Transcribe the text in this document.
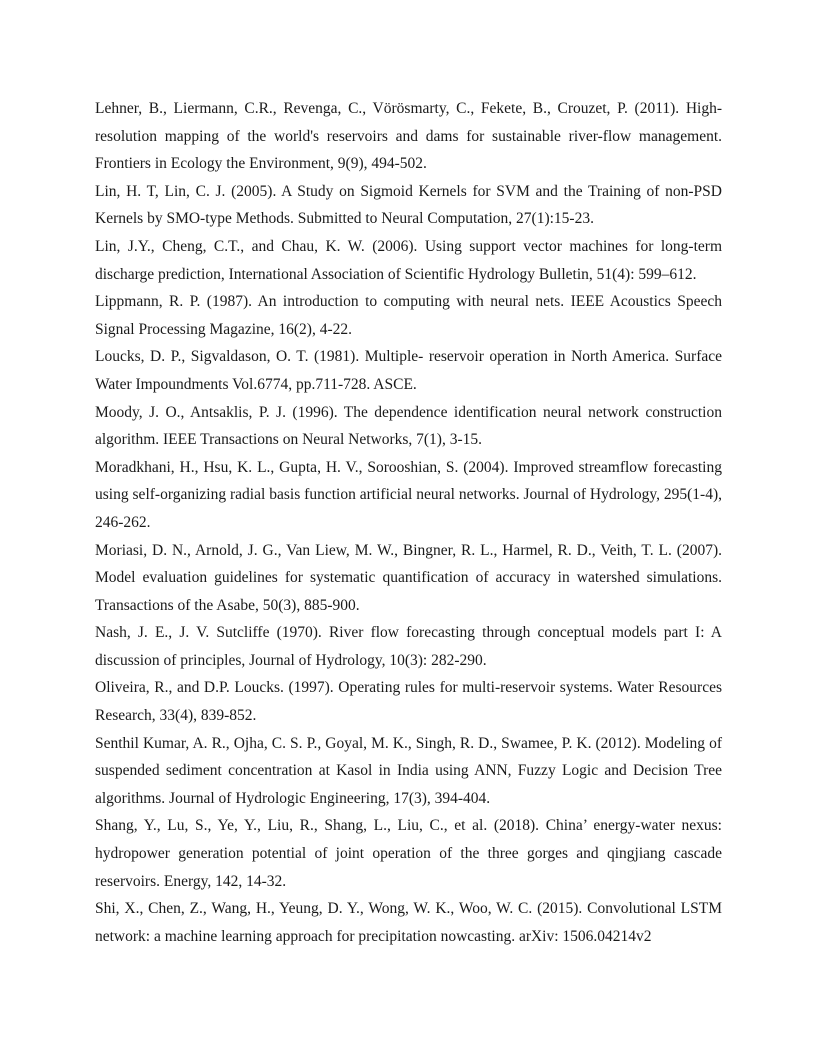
Lehner, B., Liermann, C.R., Revenga, C., Vörösmarty, C., Fekete, B., Crouzet, P. (2011). High-resolution mapping of the world's reservoirs and dams for sustainable river-flow management. Frontiers in Ecology the Environment, 9(9), 494-502.

Lin, H. T, Lin, C. J. (2005). A Study on Sigmoid Kernels for SVM and the Training of non-PSD Kernels by SMO-type Methods. Submitted to Neural Computation, 27(1):15-23.

Lin, J.Y., Cheng, C.T., and Chau, K. W. (2006). Using support vector machines for long-term discharge prediction, International Association of Scientific Hydrology Bulletin, 51(4): 599–612.

Lippmann, R. P. (1987). An introduction to computing with neural nets. IEEE Acoustics Speech Signal Processing Magazine, 16(2), 4-22.

Loucks, D. P., Sigvaldason, O. T. (1981). Multiple- reservoir operation in North America. Surface Water Impoundments Vol.6774, pp.711-728. ASCE.

Moody, J. O., Antsaklis, P. J. (1996). The dependence identification neural network construction algorithm. IEEE Transactions on Neural Networks, 7(1), 3-15.

Moradkhani, H., Hsu, K. L., Gupta, H. V., Sorooshian, S. (2004). Improved streamflow forecasting using self-organizing radial basis function artificial neural networks. Journal of Hydrology, 295(1-4), 246-262.

Moriasi, D. N., Arnold, J. G., Van Liew, M. W., Bingner, R. L., Harmel, R. D., Veith, T. L. (2007). Model evaluation guidelines for systematic quantification of accuracy in watershed simulations. Transactions of the Asabe, 50(3), 885-900.

Nash, J. E., J. V. Sutcliffe (1970). River flow forecasting through conceptual models part I: A discussion of principles, Journal of Hydrology, 10(3): 282-290.

Oliveira, R., and D.P. Loucks. (1997). Operating rules for multi-reservoir systems. Water Resources Research, 33(4), 839-852.

Senthil Kumar, A. R., Ojha, C. S. P., Goyal, M. K., Singh, R. D., Swamee, P. K. (2012). Modeling of suspended sediment concentration at Kasol in India using ANN, Fuzzy Logic and Decision Tree algorithms. Journal of Hydrologic Engineering, 17(3), 394-404.

Shang, Y., Lu, S., Ye, Y., Liu, R., Shang, L., Liu, C., et al. (2018). China’ energy-water nexus: hydropower generation potential of joint operation of the three gorges and qingjiang cascade reservoirs. Energy, 142, 14-32.

Shi, X., Chen, Z., Wang, H., Yeung, D. Y., Wong, W. K., Woo, W. C. (2015). Convolutional LSTM network: a machine learning approach for precipitation nowcasting. arXiv: 1506.04214v2
